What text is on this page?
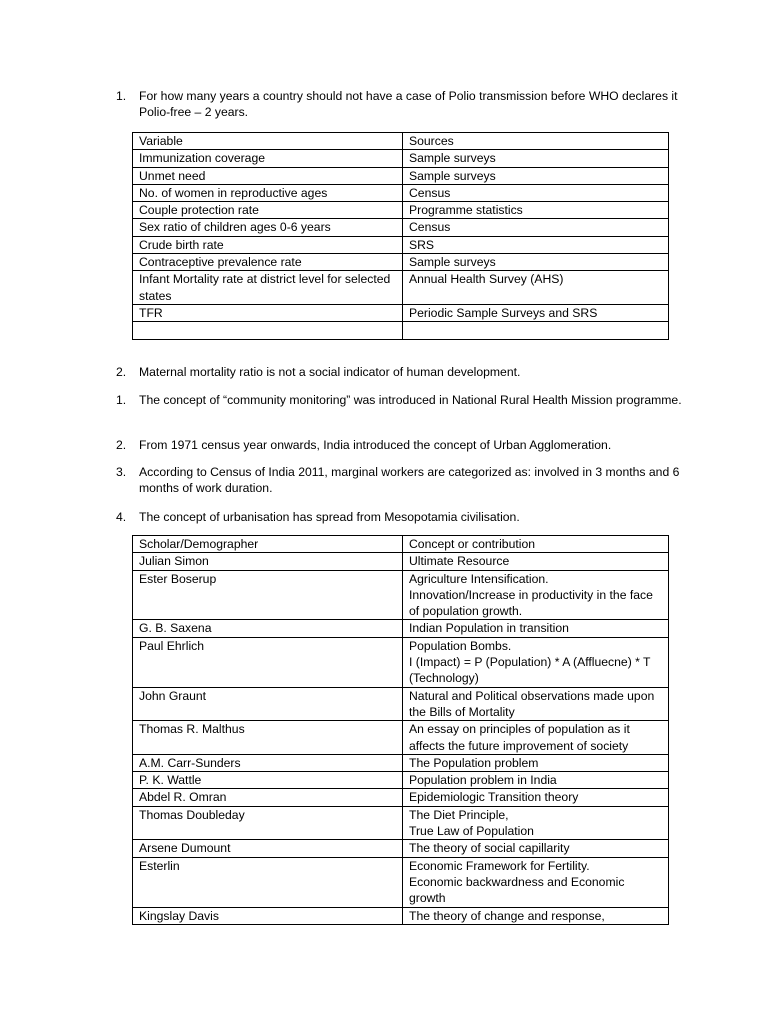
1.	For how many years a country should not have a case of Polio transmission before WHO declares it Polio-free – 2 years.
Variable	Sources
Immunization coverage	Sample surveys
Unmet need	Sample surveys
No. of women in reproductive ages	Census
Couple protection rate	Programme statistics
Sex ratio of children ages 0-6 years	Census
Crude birth rate	SRS
Contraceptive prevalence rate	Sample surveys
Infant Mortality rate at district level for selected states	Annual Health Survey (AHS)
TFR	Periodic Sample Surveys and SRS

2.	Maternal mortality ratio is not a social indicator of human development.
1.	The concept of “community monitoring” was introduced in National Rural Health Mission programme.
2.	From 1971 census year onwards, India introduced the concept of Urban Agglomeration.
3.	According to Census of India 2011, marginal workers are categorized as: involved in 3 months and 6 months of work duration.
4.	The concept of urbanisation has spread from Mesopotamia civilisation.
Scholar/Demographer	Concept or contribution

Julian Simon	Ultimate Resource

Ester Boserup	Agriculture Intensification.
Innovation/Increase in productivity in the face of population growth.

G. B. Saxena	Indian Population in transition

Paul Ehrlich	Population Bombs.
I (Impact) = P (Population) * A (Affluecne) * T (Technology)

John Graunt	Natural and Political observations made upon the Bills of Mortality

Thomas R. Malthus	An essay on principles of population as it affects the future improvement of society

A.M. Carr-Sunders	The Population problem

P. K. Wattle	Population problem in India

Abdel R. Omran	Epidemiologic Transition theory

Thomas Doubleday	The Diet Principle,
True Law of Population

Arsene Dumount	The theory of social capillarity

Esterlin	Economic Framework for Fertility.
Economic backwardness and Economic growth

Kingslay Davis	The theory of change and response,
